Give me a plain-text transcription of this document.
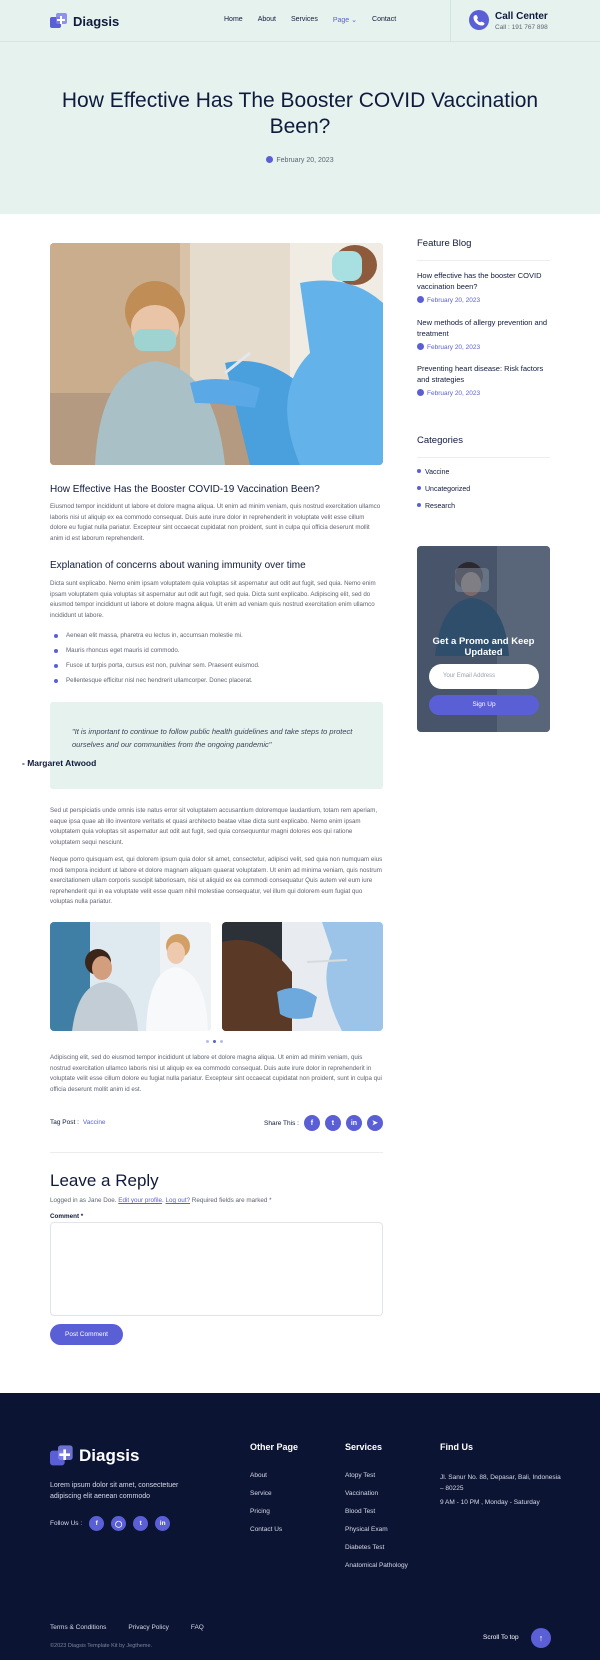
Diagsis	Home About Services Page ⌄ Contact	Call Center
Call : 191 767 898
How Effective Has The Booster COVID Vaccination Been?
February 20, 2023
How Effective Has the Booster COVID-19 Vaccination Been?

Eiusmod tempor incididunt ut labore et dolore magna aliqua. Ut enim ad minim veniam, quis nostrud exercitation ullamco laboris nisi ut aliquip ex ea commodo consequat. Duis aute irure dolor in reprehenderit in voluptate velit esse cillum dolore eu fugiat nulla pariatur. Excepteur sint occaecat cupidatat non proident, sunt in culpa qui officia deserunt mollit anim id est laborum reprehenderit.

Explanation of concerns about waning immunity over time

Dicta sunt explicabo. Nemo enim ipsam voluptatem quia voluptas sit aspernatur aut odit aut fugit, sed quia. Nemo enim ipsam voluptatem quia voluptas sit aspernatur aut odit aut fugit, sed quia. Dicta sunt explicabo. Adipiscing elit, sed do eiusmod tempor incididunt ut labore et dolore magna aliqua. Ut enim ad veniam quis nostrud exercitation enim ullamco incididunt ut labore.

Aenean elit massa, pharetra eu lectus in, accumsan molestie mi.
Mauris rhoncus eget mauris id commodo.
Fusce ut turpis porta, cursus est non, pulvinar sem. Praesent euismod.
Pellentesque efficitur nisl nec hendrerit ullamcorper. Donec placerat.
"It is important to continue to follow public health guidelines and take steps to protect ourselves and our communities from the ongoing pandemic"
- Margaret Atwood

Sed ut perspiciatis unde omnis iste natus error sit voluptatem accusantium doloremque laudantium, totam rem aperiam, eaque ipsa quae ab illo inventore veritatis et quasi architecto beatae vitae dicta sunt explicabo. Nemo enim ipsam voluptatem quia voluptas sit aspernatur aut odit aut fugit, sed quia consequuntur magni dolores eos qui ratione voluptatem sequi nesciunt.

Neque porro quisquam est, qui dolorem ipsum quia dolor sit amet, consectetur, adipisci velit, sed quia non numquam eius modi tempora incidunt ut labore et dolore magnam aliquam quaerat voluptatem. Ut enim ad minima veniam, quis nostrum exercitationem ullam corporis suscipit laboriosam, nisi ut aliquid ex ea commodi consequatur Quis autem vel eum iure reprehenderit qui in ea voluptate velit esse quam nihil molestiae consequatur, vel illum qui dolorem eum fugiat quo voluptas nulla pariatur.

Adipiscing elit, sed do eiusmod tempor incididunt ut labore et dolore magna aliqua. Ut enim ad minim veniam, quis nostrud exercitation ullamco laboris nisi ut aliquip ex ea commodo consequat. Duis aute irure dolor in reprehenderit in voluptate velit esse cillum dolore eu fugiat nulla pariatur. Excepteur sint occaecat cupidatat non proident, sunt in culpa qui officia deserunt mollit anim id est.

Tag Post : Vaccine	Share This :	f	t	in	➤
Leave a Reply
Logged in as Jane Doe. Edit your profile. Log out? Required fields are marked *
Comment *
Post Comment
Feature Blog
How effective has the booster COVID vaccination been?
February 20, 2023
New methods of allergy prevention and treatment
February 20, 2023
Preventing heart disease: Risk factors and strategies
February 20, 2023
Categories
Vaccine
Uncategorized
Research
Get a Promo and Keep Updated
Your Email Address
Sign Up
Diagsis
Lorem ipsum dolor sit amet, consectetuer adipiscing elit aenean commodo
Follow Us :	f	◯	t	in
Other Page
About
Service
Pricing
Contact Us
Services
Atopy Test
Vaccination
Blood Test
Physical Exam
Diabetes Test
Anatomical Pathology
Find Us
Jl. Sanur No. 88, Depasar, Bali, Indonesia – 80225
9 AM - 10 PM , Monday - Saturday
Terms & Conditions	Privacy Policy	FAQ
©2023 Diagsis Template Kit by Jegtheme.
Scroll To top	↑
